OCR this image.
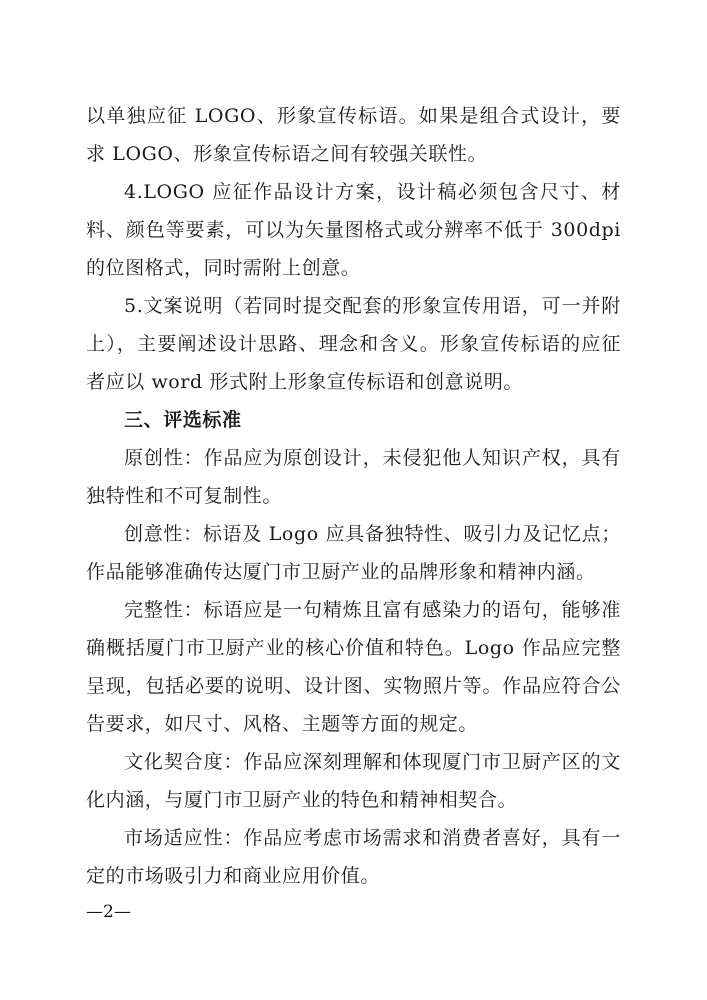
以单独应征 LOGO、形象宣传标语。如果是组合式设计，要求 LOGO、形象宣传标语之间有较强关联性。

4.LOGO 应征作品设计方案，设计稿必须包含尺寸、材料、颜色等要素，可以为矢量图格式或分辨率不低于 300dpi 的位图格式，同时需附上创意。

5.文案说明（若同时提交配套的形象宣传用语，可一并附上），主要阐述设计思路、理念和含义。形象宣传标语的应征者应以 word 形式附上形象宣传标语和创意说明。

三、评选标准

原创性：作品应为原创设计，未侵犯他人知识产权，具有独特性和不可复制性。

创意性：标语及 Logo 应具备独特性、吸引力及记忆点；作品能够准确传达厦门市卫厨产业的品牌形象和精神内涵。

完整性：标语应是一句精炼且富有感染力的语句，能够准确概括厦门市卫厨产业的核心价值和特色。Logo 作品应完整呈现，包括必要的说明、设计图、实物照片等。作品应符合公告要求，如尺寸、风格、主题等方面的规定。

文化契合度：作品应深刻理解和体现厦门市卫厨产区的文化内涵，与厦门市卫厨产业的特色和精神相契合。

市场适应性：作品应考虑市场需求和消费者喜好，具有一定的市场吸引力和商业应用价值。

—2—
